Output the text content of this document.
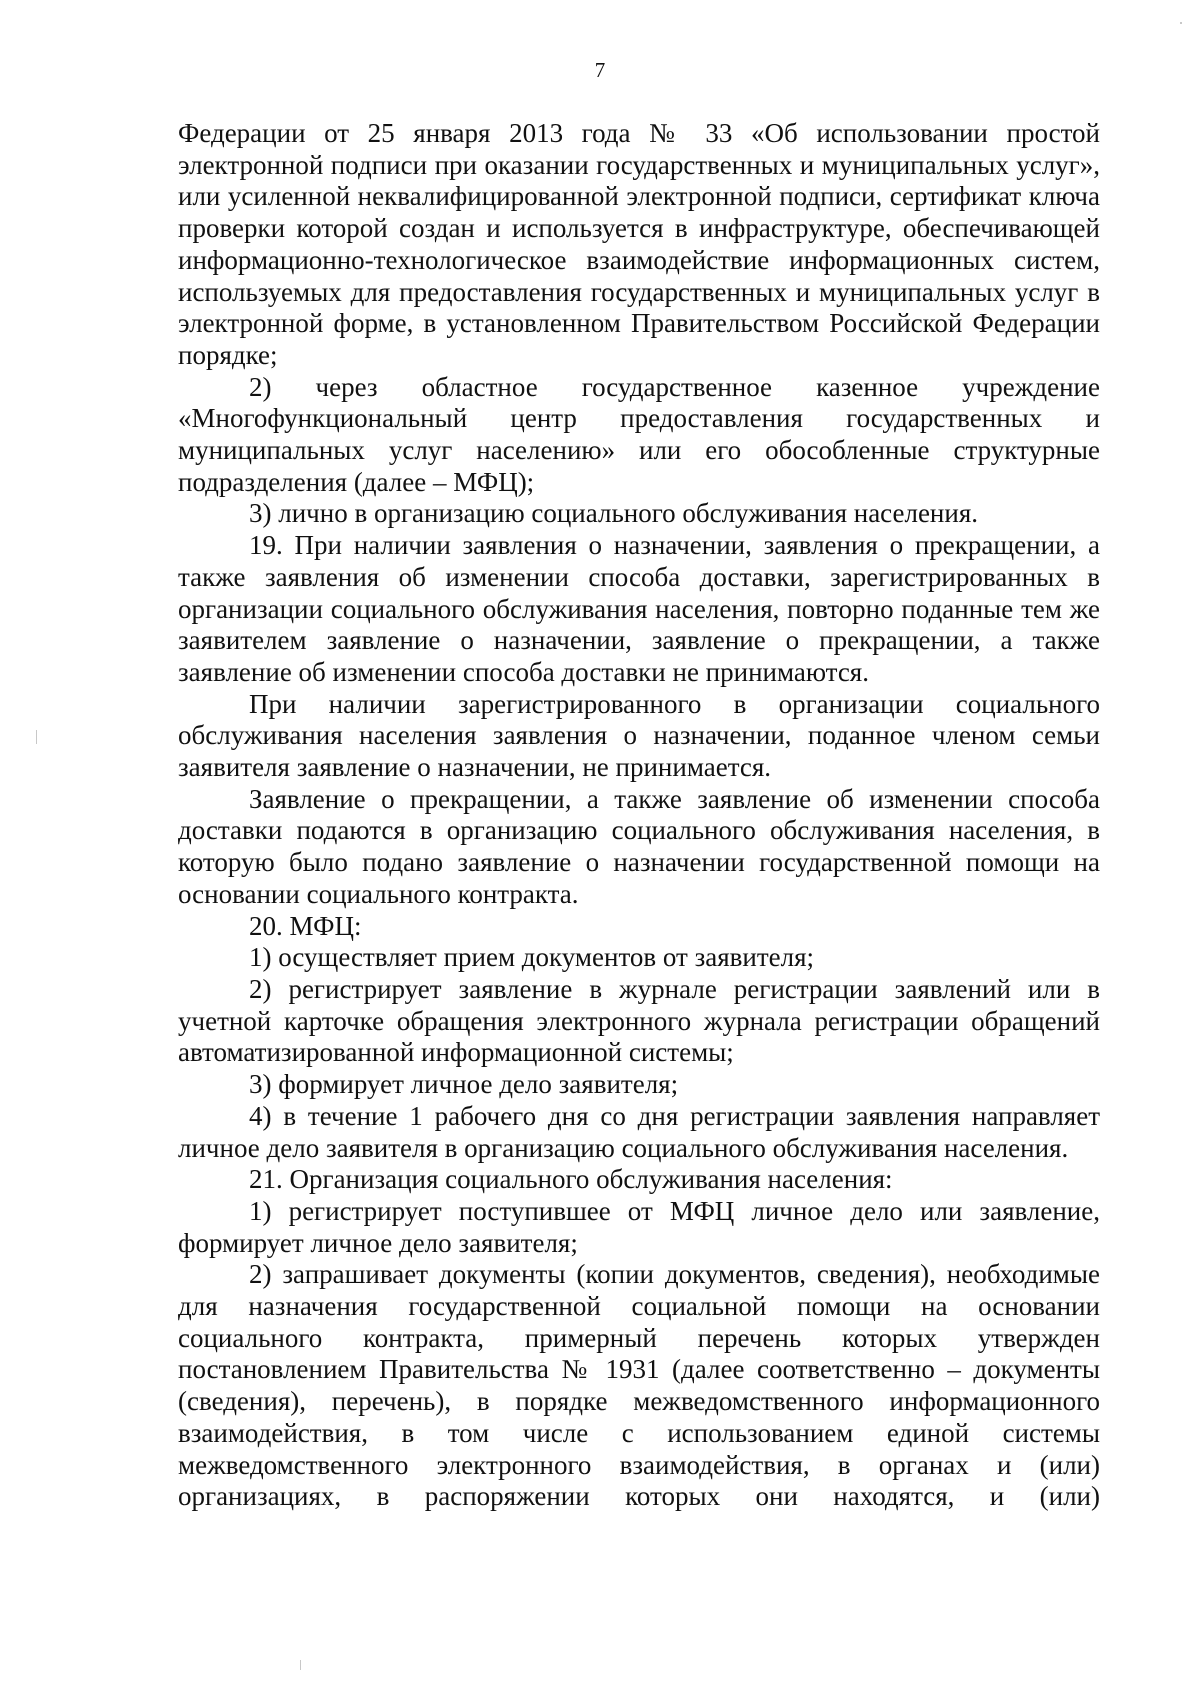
7

Федерации от 25 января 2013 года № 33 «Об использовании простой электронной подписи при оказании государственных и муниципальных услуг», или усиленной неквалифицированной электронной подписи, сертификат ключа проверки которой создан и используется в инфраструктуре, обеспечивающей информационно-технологическое взаимодействие информационных систем, используемых для предоставления государственных и муниципальных услуг в электронной форме, в установленном Правительством Российской Федерации порядке;

2) через областное государственное казенное учреждение «Многофункциональный центр предоставления государственных и муниципальных услуг населению» или его обособленные структурные подразделения (далее – МФЦ);

3) лично в организацию социального обслуживания населения.

19. При наличии заявления о назначении, заявления о прекращении, а также заявления об изменении способа доставки, зарегистрированных в организации социального обслуживания населения, повторно поданные тем же заявителем заявление о назначении, заявление о прекращении, а также заявление об изменении способа доставки не принимаются.

При наличии зарегистрированного в организации социального обслуживания населения заявления о назначении, поданное членом семьи заявителя заявление о назначении, не принимается.

Заявление о прекращении, а также заявление об изменении способа доставки подаются в организацию социального обслуживания населения, в которую было подано заявление о назначении государственной помощи на основании социального контракта.

20. МФЦ:

1) осуществляет прием документов от заявителя;

2) регистрирует заявление в журнале регистрации заявлений или в учетной карточке обращения электронного журнала регистрации обращений автоматизированной информационной системы;

3) формирует личное дело заявителя;

4) в течение 1 рабочего дня со дня регистрации заявления направляет личное дело заявителя в организацию социального обслуживания населения.

21. Организация социального обслуживания населения:

1) регистрирует поступившее от МФЦ личное дело или заявление, формирует личное дело заявителя;

2) запрашивает документы (копии документов, сведения), необходимые для назначения государственной социальной помощи на основании социального контракта, примерный перечень которых утвержден постановлением Правительства № 1931 (далее соответственно – документы (сведения), перечень), в порядке межведомственного информационного взаимодействия, в том числе с использованием единой системы межведомственного электронного взаимодействия, в органах и (или) организациях, в распоряжении которых они находятся, и (или)
